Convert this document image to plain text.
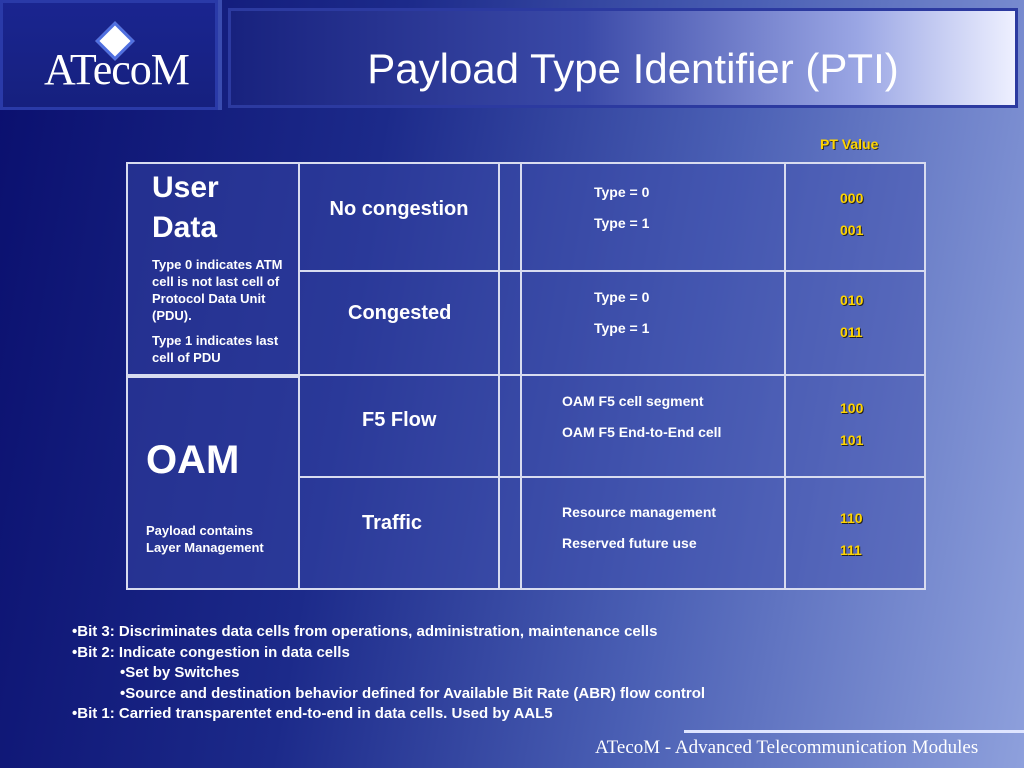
ATecoM	Payload Type Identifier (PTI)
PT Value
User
Data
Type 0 indicates ATM cell is not last cell of Protocol Data Unit (PDU).
Type 1 indicates last cell of PDU
OAM
Payload contains Layer Management
No congestion
Type = 0
Type = 1
000
001
Congested
Type = 0
Type = 1
010
011
F5 Flow
OAM F5 cell segment
OAM F5 End-to-End cell
100
101
Traffic	Resource management
Reserved future use
110
111
•Bit 3: Discriminates data cells from operations, administration, maintenance cells
•Bit 2: Indicate congestion in data cells
•Set by Switches
•Source and destination behavior defined for Available Bit Rate (ABR) flow control
•Bit 1: Carried transparentet end-to-end in data cells. Used by AAL5
ATecoM - Advanced Telecommunication Modules
